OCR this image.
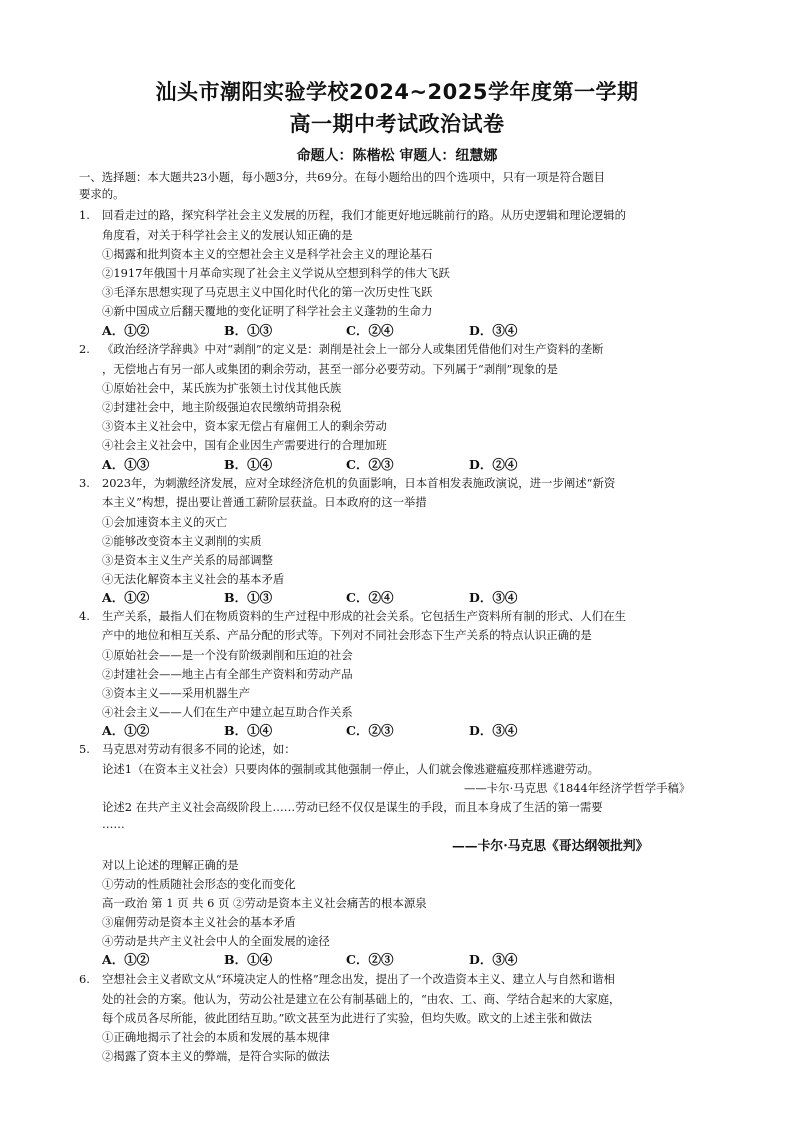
汕头市潮阳实验学校2024~2025学年度第一学期
高一期中考试政治试卷
命题人：陈楷松 审题人：纽慧娜
一、选择题：本大题共23小题，每小题3分，共69分。在每小题给出的四个选项中，只有一项是符合题目
要求的。
1. 回看走过的路，探究科学社会主义发展的历程，我们才能更好地远眺前行的路。从历史逻辑和理论逻辑的
角度看，对关于科学社会主义的发展认知正确的是
①揭露和批判资本主义的空想社会主义是科学社会主义的理论基石
②1917年俄国十月革命实现了社会主义学说从空想到科学的伟大飞跃
③毛泽东思想实现了马克思主义中国化时代化的第一次历史性飞跃
④新中国成立后翻天覆地的变化证明了科学社会主义蓬勃的生命力
A．①②	B．①③	C．②④	D．③④
2. 《政治经济学辞典》中对“剥削”的定义是：剥削是社会上一部分人或集团凭借他们对生产资料的垄断
，无偿地占有另一部人或集团的剩余劳动，甚至一部分必要劳动。下列属于“剥削”现象的是
①原始社会中，某氏族为扩张领土讨伐其他氏族
②封建社会中，地主阶级强迫农民缴纳苛捐杂税
③资本主义社会中，资本家无偿占有雇佣工人的剩余劳动
④社会主义社会中，国有企业因生产需要进行的合理加班
A．①③	B．①④	C．②③	D．②④
3. 2023年，为刺激经济发展，应对全球经济危机的负面影响，日本首相发表施政演说，进一步阐述“新资
本主义”构想，提出要让普通工薪阶层获益。日本政府的这一举措
①会加速资本主义的灭亡
②能够改变资本主义剥削的实质
③是资本主义生产关系的局部调整
④无法化解资本主义社会的基本矛盾
A．①②	B．①③	C．②④	D．③④
4. 生产关系，最指人们在物质资料的生产过程中形成的社会关系。它包括生产资料所有制的形式、人们在生
产中的地位和相互关系、产品分配的形式等。下列对不同社会形态下生产关系的特点认识正确的是
①原始社会——是一个没有阶级剥削和压迫的社会
②封建社会——地主占有全部生产资料和劳动产品
③资本主义——采用机器生产
④社会主义——人们在生产中建立起互助合作关系
A．①②	B．①④	C．②③	D．③④
5. 马克思对劳动有很多不同的论述，如：
论述1（在资本主义社会）只要肉体的强制或其他强制一停止，人们就会像逃避瘟疫那样逃避劳动。
——卡尔·马克思《1844年经济学哲学手稿》
论述2 在共产主义社会高级阶段上……劳动已经不仅仅是谋生的手段，而且本身成了生活的第一需要
……
——卡尔·马克思《哥达纲领批判》
对以上论述的理解正确的是
①劳动的性质随社会形态的变化而变化
高一政治 第 1 页 共 6 页 ②劳动是资本主义社会痛苦的根本源泉
③雇佣劳动是资本主义社会的基本矛盾
④劳动是共产主义社会中人的全面发展的途径
A．①②	B．①④	C．②③	D．③④
6. 空想社会主义者欧文从“环境决定人的性格”理念出发，提出了一个改造资本主义、建立人与自然和谐相
处的社会的方案。他认为，劳动公社是建立在公有制基础上的，“由农、工、商、学结合起来的大家庭，
每个成员各尽所能，彼此团结互助。”欧文甚至为此进行了实验，但均失败。欧文的上述主张和做法
①正确地揭示了社会的本质和发展的基本规律
②揭露了资本主义的弊端，是符合实际的做法
